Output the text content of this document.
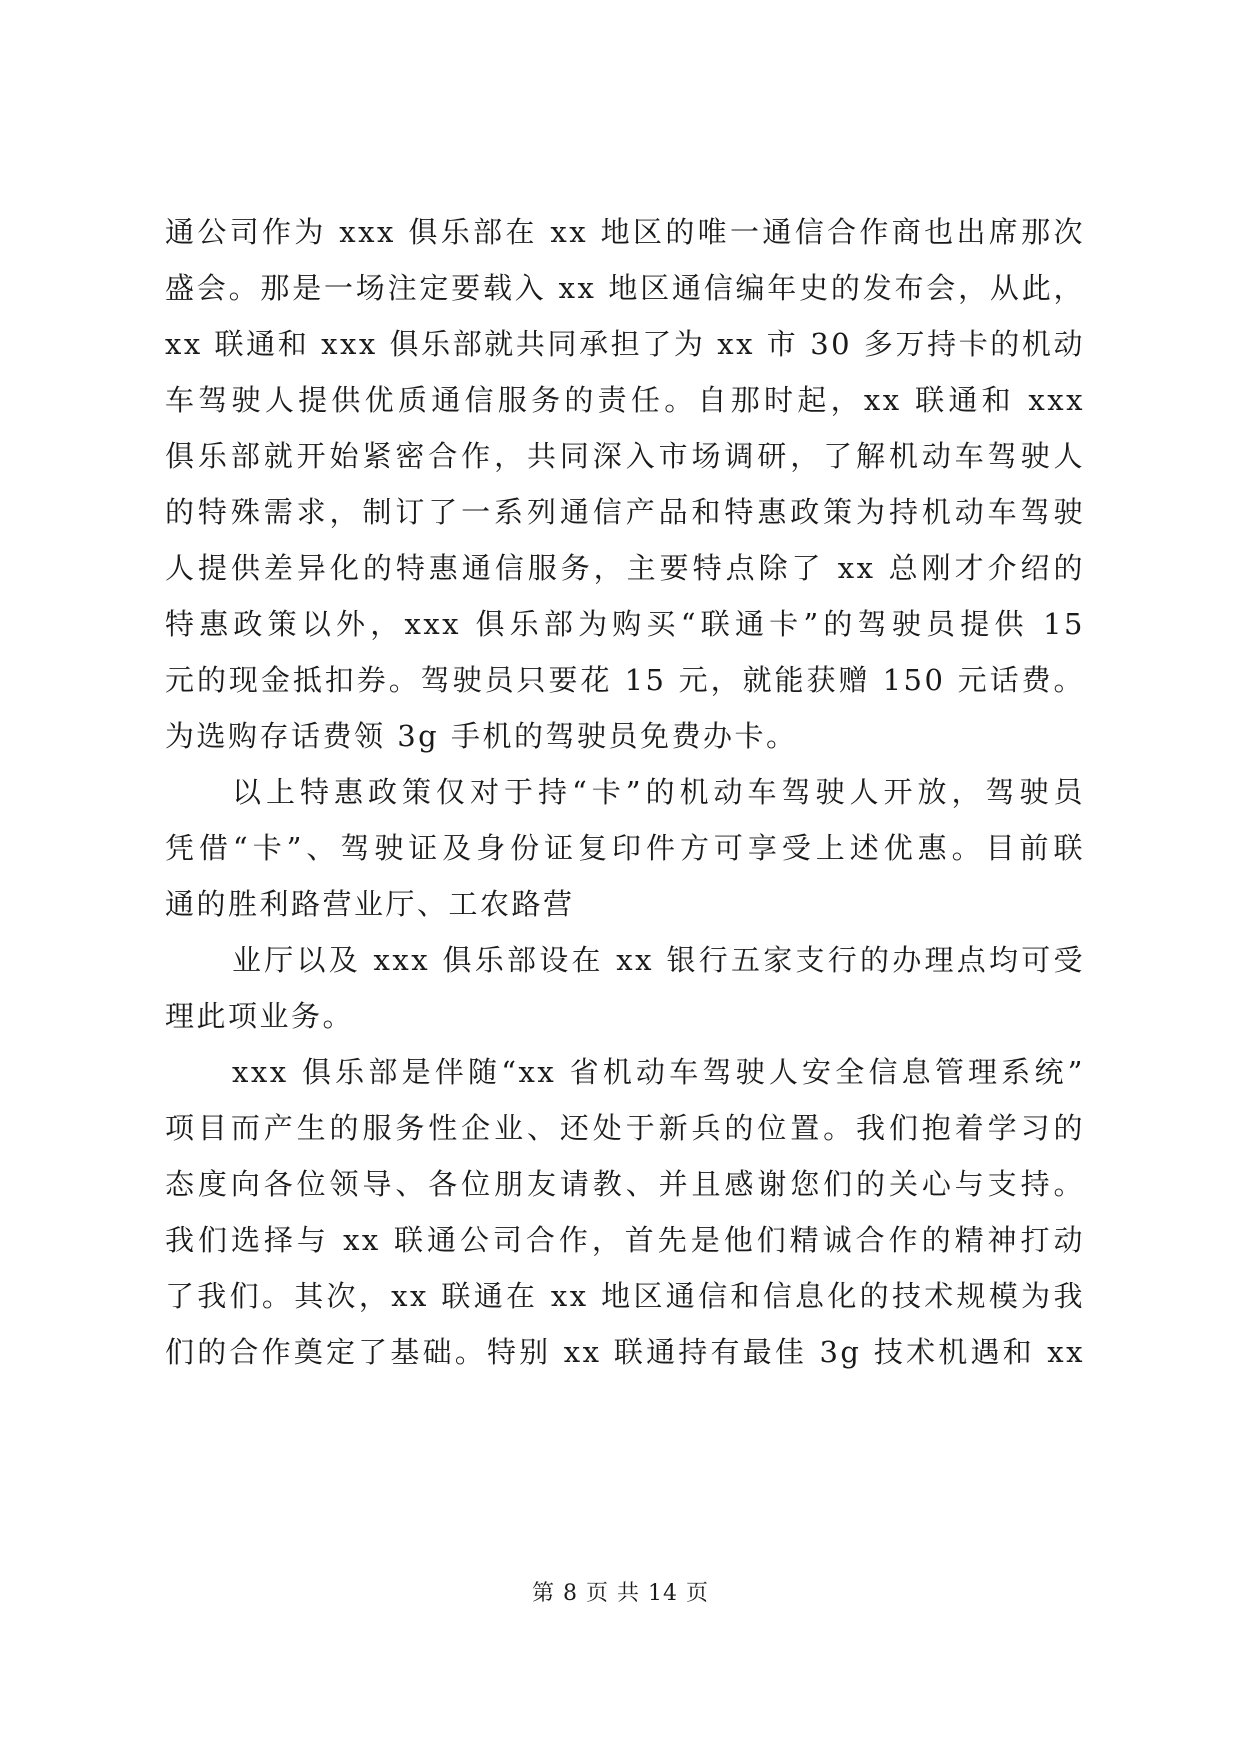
通公司作为 xxx 俱乐部在 xx 地区的唯一通信合作商也出席那次
盛会。那是一场注定要载入 xx 地区通信编年史的发布会，从此，
xx 联通和 xxx 俱乐部就共同承担了为 xx 市 30 多万持卡的机动
车驾驶人提供优质通信服务的责任。自那时起，xx 联通和 xxx
俱乐部就开始紧密合作，共同深入市场调研，了解机动车驾驶人
的特殊需求，制订了一系列通信产品和特惠政策为持机动车驾驶
人提供差异化的特惠通信服务，主要特点除了 xx 总刚才介绍的
特惠政策以外，xxx 俱乐部为购买“联通卡”的驾驶员提供 15
元的现金抵扣券。驾驶员只要花 15 元，就能获赠 150 元话费。
为选购存话费领 3g 手机的驾驶员免费办卡。
以上特惠政策仅对于持“卡”的机动车驾驶人开放，驾驶员
凭借“卡”、驾驶证及身份证复印件方可享受上述优惠。目前联
通的胜利路营业厅、工农路营
业厅以及 xxx 俱乐部设在 xx 银行五家支行的办理点均可受
理此项业务。
xxx 俱乐部是伴随“xx 省机动车驾驶人安全信息管理系统”
项目而产生的服务性企业、还处于新兵的位置。我们抱着学习的
态度向各位领导、各位朋友请教、并且感谢您们的关心与支持。
我们选择与 xx 联通公司合作，首先是他们精诚合作的精神打动
了我们。其次，xx 联通在 xx 地区通信和信息化的技术规模为我
们的合作奠定了基础。特别 xx 联通持有最佳 3g 技术机遇和 xx
第 8 页 共 14 页
